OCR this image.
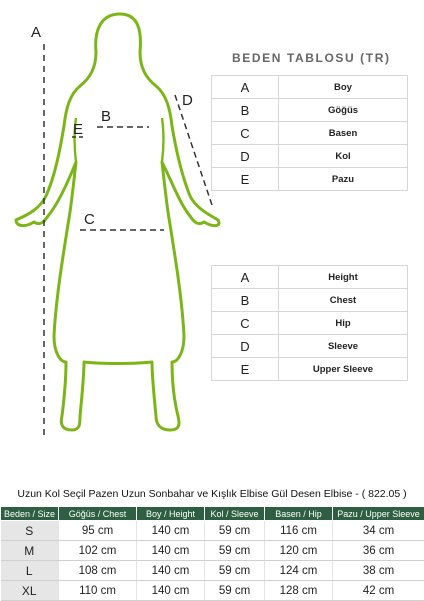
A
B
C
D
E
BEDEN TABLOSU (TR)
A	Boy
B	Göğüs
C	Basen
D	Kol
E	Pazu
A	Height
B	Chest
C	Hip
D	Sleeve
E	Upper Sleeve
Uzun Kol Seçil Pazen Uzun Sonbahar ve Kışlık Elbise Gül Desen Elbise - ( 822.05 )
Beden / Size	Göğüs / Chest	Boy / Height	Kol / Sleeve	Basen / Hip	Pazu / Upper Sleeve
S	95 cm	140 cm	59 cm	116 cm	34 cm
M	102 cm	140 cm	59 cm	120 cm	36 cm
L	108 cm	140 cm	59 cm	124 cm	38 cm
XL	110 cm	140 cm	59 cm	128 cm	42 cm
